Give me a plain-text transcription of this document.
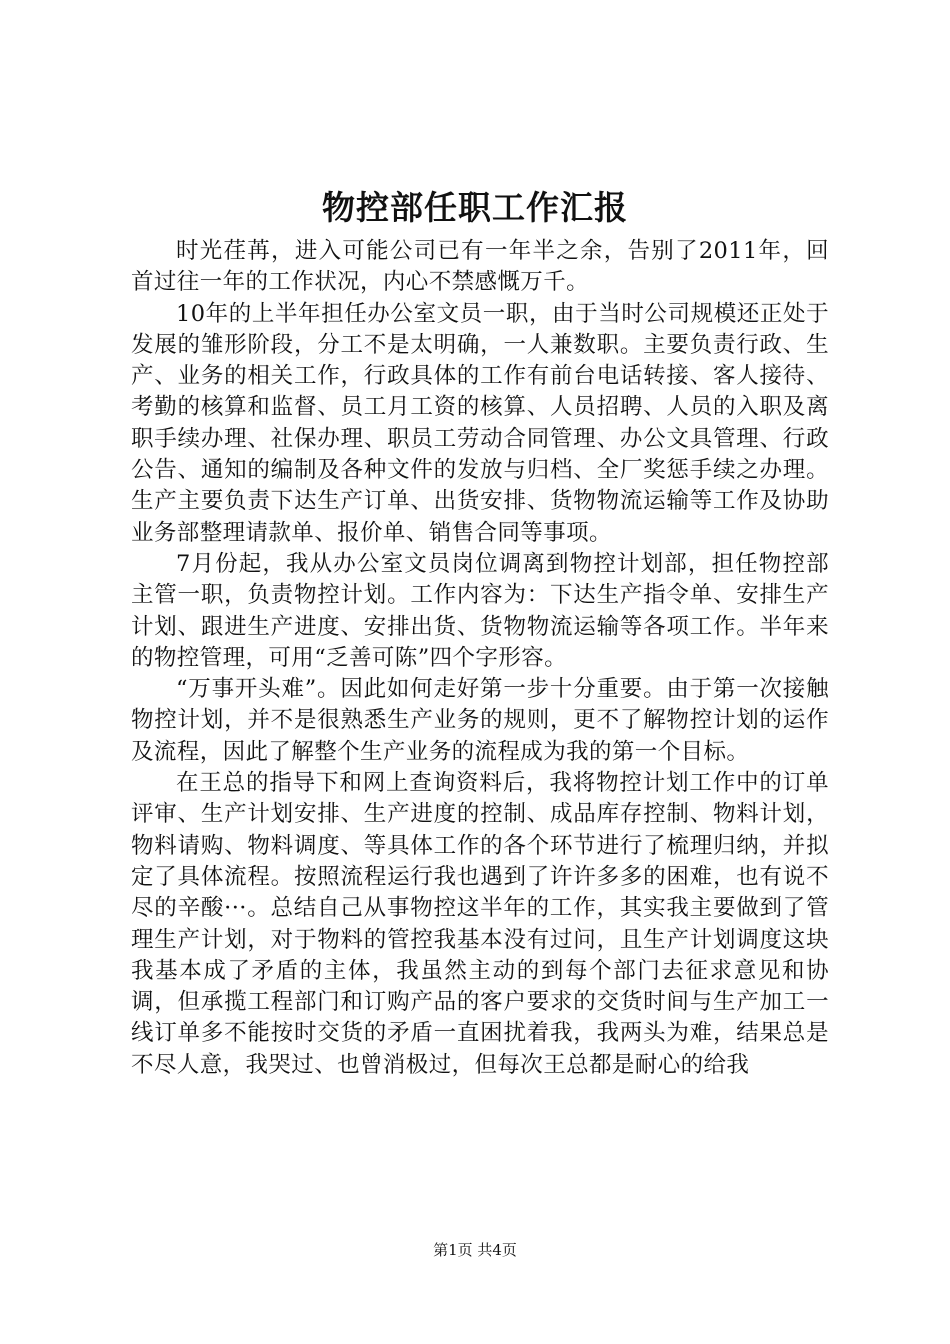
物控部任职工作汇报

时光荏苒，进入可能公司已有一年半之余，告别了2011年，回首过往一年的工作状况，内心不禁感慨万千。

10年的上半年担任办公室文员一职，由于当时公司规模还正处于发展的雏形阶段，分工不是太明确，一人兼数职。主要负责行政、生产、业务的相关工作，行政具体的工作有前台电话转接、客人接待、考勤的核算和监督、员工月工资的核算、人员招聘、人员的入职及离职手续办理、社保办理、职员工劳动合同管理、办公文具管理、行政公告、通知的编制及各种文件的发放与归档、全厂奖惩手续之办理。生产主要负责下达生产订单、出货安排、货物物流运输等工作及协助业务部整理请款单、报价单、销售合同等事项。

7月份起，我从办公室文员岗位调离到物控计划部，担任物控部主管一职，负责物控计划。工作内容为：下达生产指令单、安排生产计划、跟进生产进度、安排出货、货物物流运输等各项工作。半年来的物控管理，可用“乏善可陈”四个字形容。

“万事开头难”。因此如何走好第一步十分重要。由于第一次接触物控计划，并不是很熟悉生产业务的规则，更不了解物控计划的运作及流程，因此了解整个生产业务的流程成为我的第一个目标。

在王总的指导下和网上查询资料后，我将物控计划工作中的订单评审、生产计划安排、生产进度的控制、成品库存控制、物料计划，物料请购、物料调度、等具体工作的各个环节进行了梳理归纳，并拟定了具体流程。按照流程运行我也遇到了许许多多的困难，也有说不尽的辛酸···。总结自己从事物控这半年的工作，其实我主要做到了管理生产计划，对于物料的管控我基本没有过问，且生产计划调度这块我基本成了矛盾的主体，我虽然主动的到每个部门去征求意见和协调，但承揽工程部门和订购产品的客户要求的交货时间与生产加工一线订单多不能按时交货的矛盾一直困扰着我，我两头为难，结果总是不尽人意，我哭过、也曾消极过，但每次王总都是耐心的给我

第1页 共4页
